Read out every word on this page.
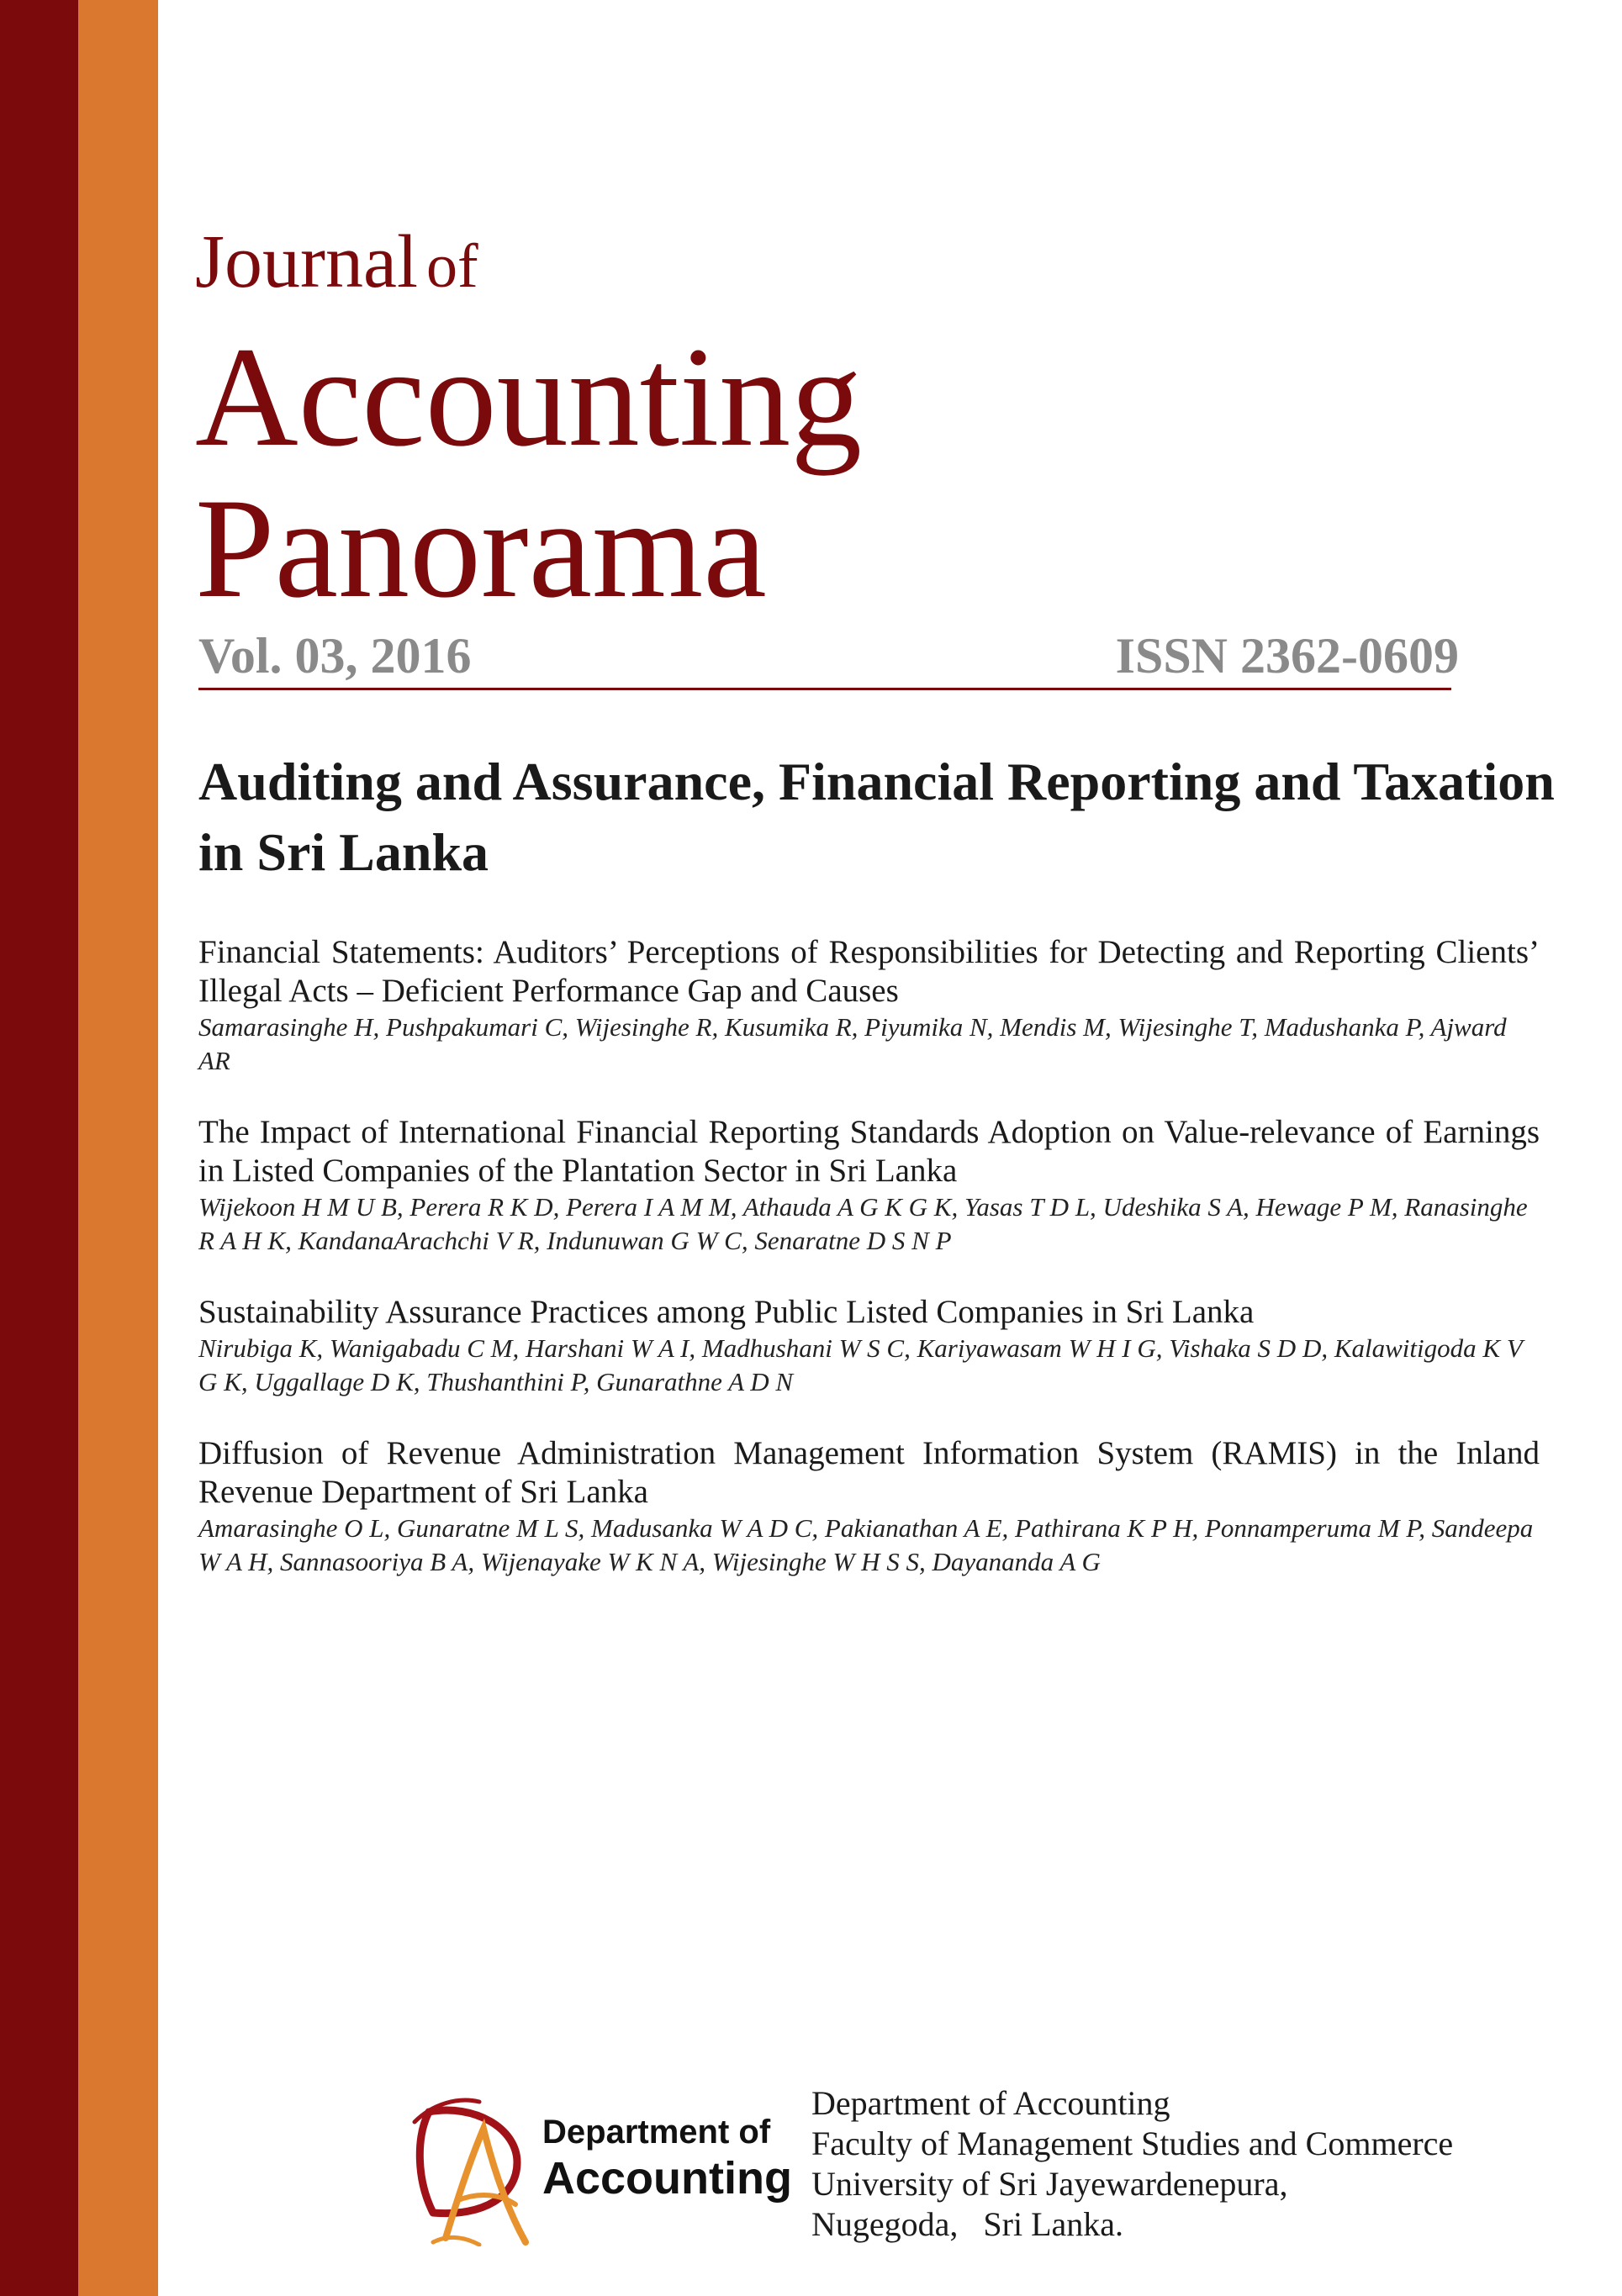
Journal of
Accounting
Panorama
Vol. 03, 2016	ISSN 2362-0609
Auditing and Assurance, Financial Reporting and Taxation in Sri Lanka
Financial Statements: Auditors’ Perceptions of Responsibilities for Detecting and Reporting Clients’ Illegal Acts – Deficient Performance Gap and Causes
Samarasinghe H, Pushpakumari C, Wijesinghe R, Kusumika R, Piyumika N, Mendis M, Wijesinghe T, Madushanka P, Ajward AR
The Impact of International Financial Reporting Standards Adoption on Value-relevance of Earnings in Listed Companies of the Plantation Sector in Sri Lanka
Wijekoon H M U B, Perera R K D, Perera I A M M, Athauda A G K G K, Yasas T D L, Udeshika S A, Hewage P M, Ranasinghe R A H K, KandanaArachchi V R, Indunuwan G W C, Senaratne D S N P
Sustainability Assurance Practices among Public Listed Companies in Sri Lanka
Nirubiga K, Wanigabadu C M, Harshani W A I, Madhushani W S C, Kariyawasam W H I G, Vishaka S D D, Kalawitigoda K V G K, Uggallage D K, Thushanthini P, Gunarathne A D N
Diffusion of Revenue Administration Management Information System (RAMIS) in the Inland Revenue Department of Sri Lanka
Amarasinghe O L, Gunaratne M L S, Madusanka W A D C, Pakianathan A E, Pathirana K P H, Ponnamperuma M P, Sandeepa W A H, Sannasooriya B A, Wijenayake W K N A, Wijesinghe W H S S, Dayananda A G
Department of
Accounting
Department of Accounting
Faculty of Management Studies and Commerce
University of Sri Jayewardenepura,
Nugegoda,   Sri Lanka.
